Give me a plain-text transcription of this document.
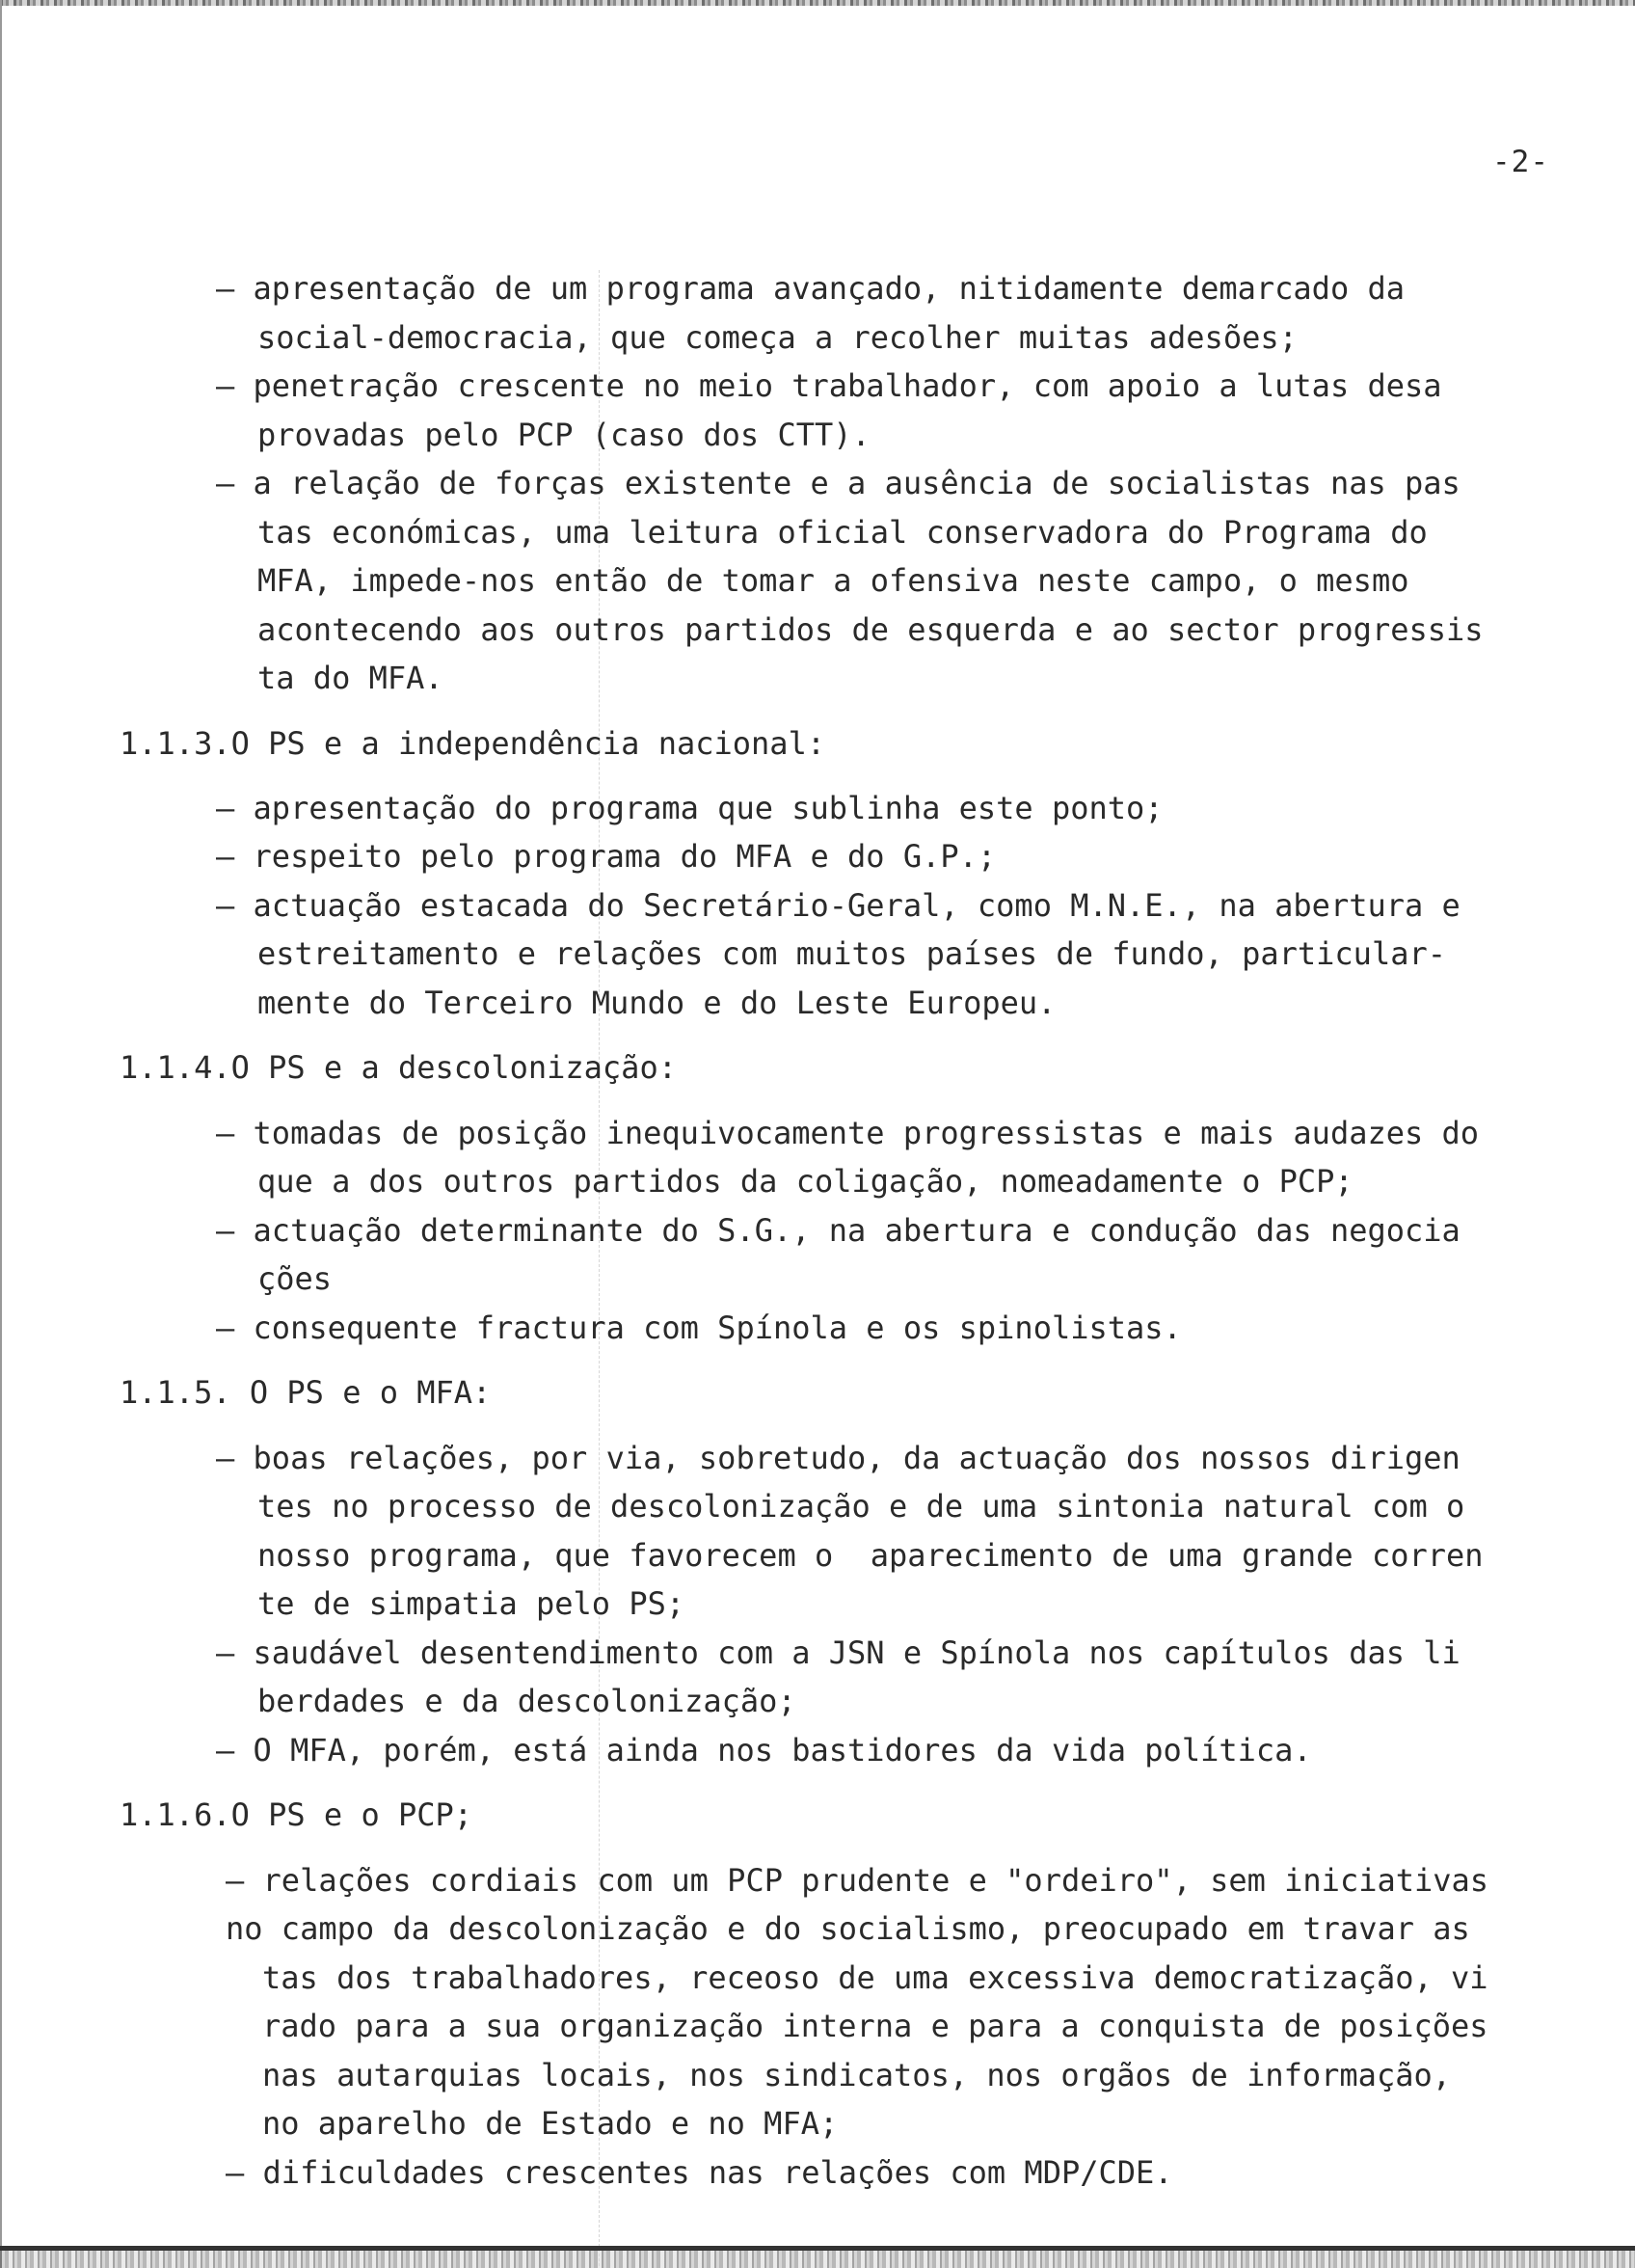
-2-

– apresentação de um programa avançado, nitidamente demarcado da

social-democracia, que começa a recolher muitas adesões;

– penetração crescente no meio trabalhador, com apoio a lutas desa

provadas pelo PCP (caso dos CTT).

– a relação de forças existente e a ausência de socialistas nas pas

tas económicas, uma leitura oficial conservadora do Programa do

MFA, impede-nos então de tomar a ofensiva neste campo, o mesmo

acontecendo aos outros partidos de esquerda e ao sector progressis

ta do MFA.

1.1.3.O PS e a independência nacional:

– apresentação do programa que sublinha este ponto;

– respeito pelo programa do MFA e do G.P.;

– actuação estacada do Secretário-Geral, como M.N.E., na abertura e

estreitamento e relações com muitos países de fundo, particular-

mente do Terceiro Mundo e do Leste Europeu.

1.1.4.O PS e a descolonização:

– tomadas de posição inequivocamente progressistas e mais audazes do

que a dos outros partidos da coligação, nomeadamente o PCP;

– actuação determinante do S.G., na abertura e condução das negocia

ções

– consequente fractura com Spínola e os spinolistas.

1.1.5. O PS e o MFA:

– boas relações, por via, sobretudo, da actuação dos nossos dirigen

tes no processo de descolonização e de uma sintonia natural com o

nosso programa, que favorecem o  aparecimento de uma grande corren

te de simpatia pelo PS;

– saudável desentendimento com a JSN e Spínola nos capítulos das li

berdades e da descolonização;

– O MFA, porém, está ainda nos bastidores da vida política.

1.1.6.O PS e o PCP;

– relações cordiais com um PCP prudente e "ordeiro", sem iniciativas

no campo da descolonização e do socialismo, preocupado em travar as

tas dos trabalhadores, receoso de uma excessiva democratização, vi

rado para a sua organização interna e para a conquista de posições

nas autarquias locais, nos sindicatos, nos orgãos de informação,

no aparelho de Estado e no MFA;

– dificuldades crescentes nas relações com MDP/CDE.
